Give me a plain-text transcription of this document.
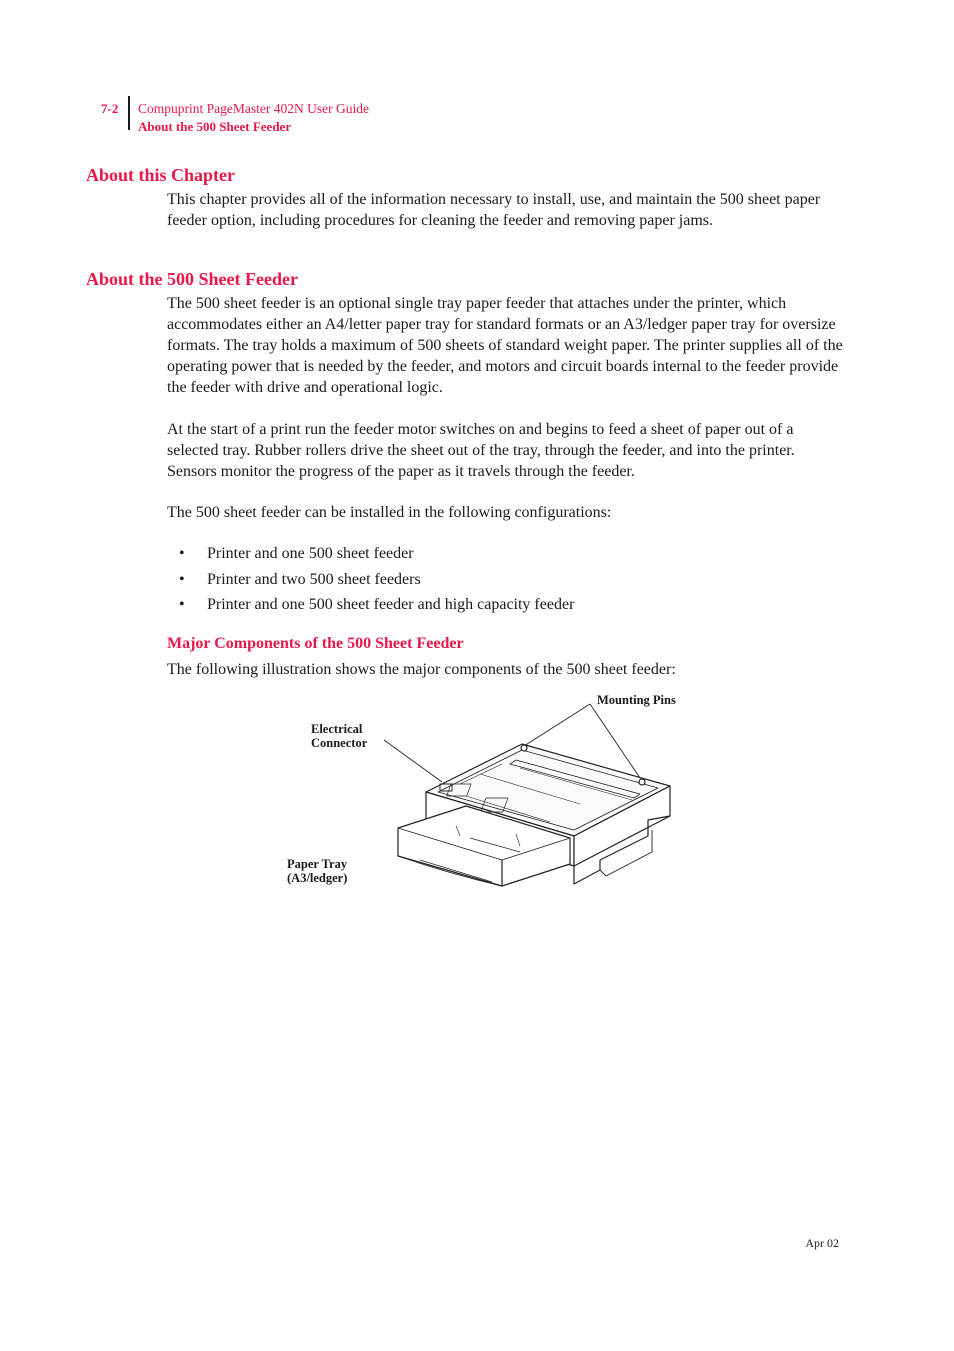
7-2 Compuprint PageMaster 402N User Guide
About the 500 Sheet Feeder
About this Chapter

This chapter provides all of the information necessary to install, use, and maintain the 500 sheet paper feeder option, including procedures for cleaning the feeder and removing paper jams.

About the 500 Sheet Feeder

The 500 sheet feeder is an optional single tray paper feeder that attaches under the printer, which accommodates either an A4/letter paper tray for standard formats or an A3/ledger paper tray for oversize formats. The tray holds a maximum of 500 sheets of standard weight paper. The printer supplies all of the operating power that is needed by the feeder, and motors and circuit boards internal to the feeder provide the feeder with drive and operational logic.

At the start of a print run the feeder motor switches on and begins to feed a sheet of paper out of a selected tray. Rubber rollers drive the sheet out of the tray, through the feeder, and into the printer. Sensors monitor the progress of the paper as it travels through the feeder.

The 500 sheet feeder can be installed in the following configurations:

• Printer and one 500 sheet feeder
• Printer and two 500 sheet feeders
• Printer and one 500 sheet feeder and high capacity feeder
Major Components of the 500 Sheet Feeder

The following illustration shows the major components of the 500 sheet feeder:

Mounting Pins
Electrical
Connector
Paper Tray
(A3/ledger)
Apr 02
